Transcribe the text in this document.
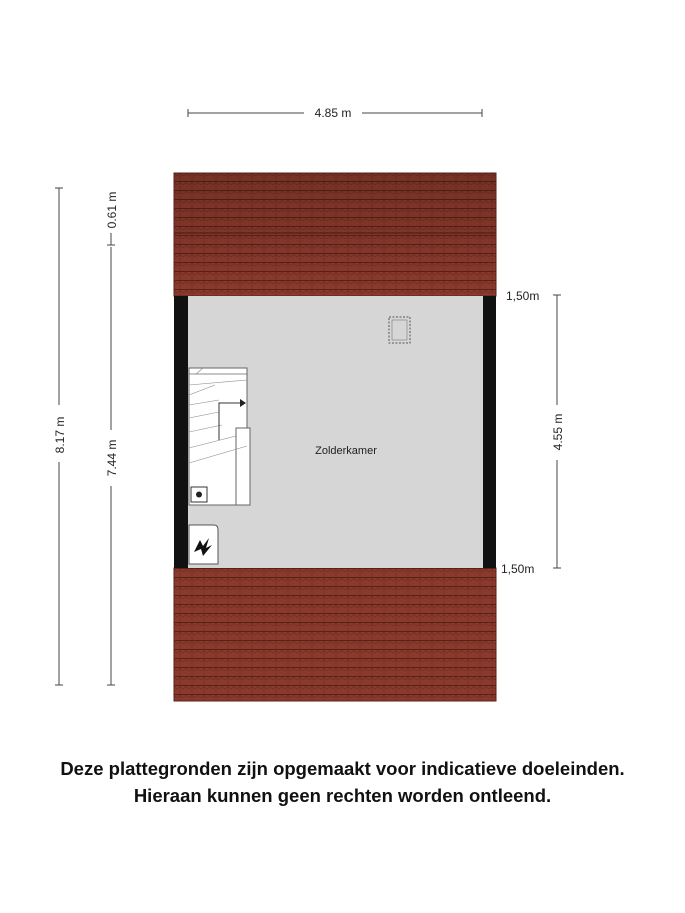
4.85 m
8.17 m
0.61 m
7.44 m
4.55 m
1,50m
1,50m
Zolderkamer
Deze plattegronden zijn opgemaakt voor indicatieve doeleinden.
Hieraan kunnen geen rechten worden ontleend.
